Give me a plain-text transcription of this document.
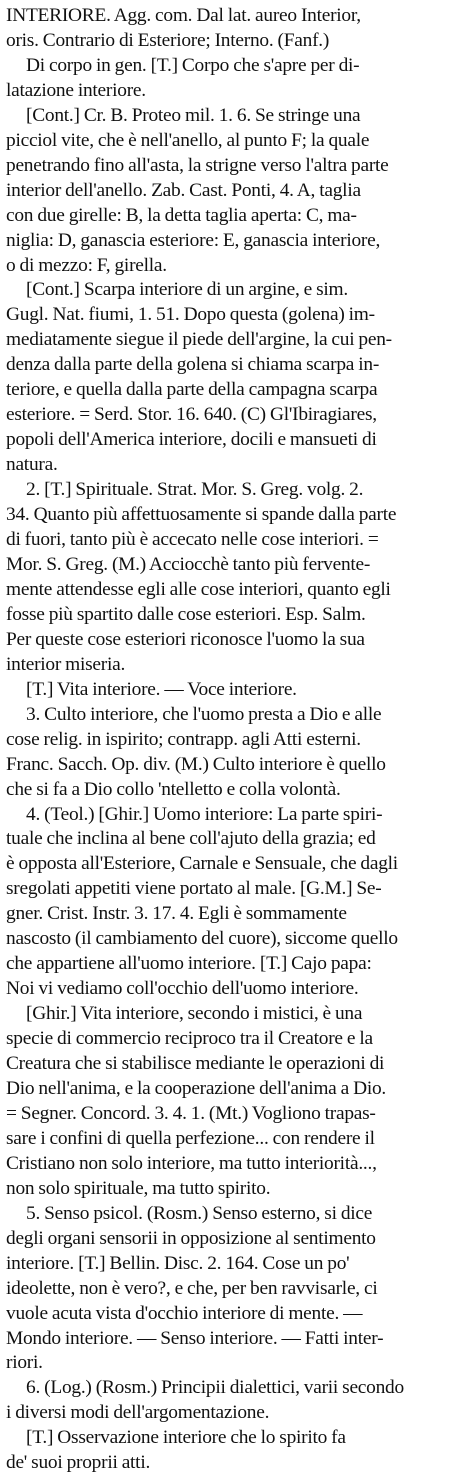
INTERIORE. Agg. com. Dal lat. aureo Interior,
oris. Contrario di Esteriore; Interno. (Fanf.)
Di corpo in gen. [T.] Corpo che s'apre per di-
latazione interiore.
[Cont.] Cr. B. Proteo mil. 1. 6. Se stringe una
picciol vite, che è nell'anello, al punto F; la quale
penetrando fino all'asta, la strigne verso l'altra parte
interior dell'anello. Zab. Cast. Ponti, 4. A, taglia
con due girelle: B, la detta taglia aperta: C, ma-
niglia: D, ganascia esteriore: E, ganascia interiore,
o di mezzo: F, girella.
[Cont.] Scarpa interiore di un argine, e sim.
Gugl. Nat. fiumi, 1. 51. Dopo questa (golena) im-
mediatamente siegue il piede dell'argine, la cui pen-
denza dalla parte della golena si chiama scarpa in-
teriore, e quella dalla parte della campagna scarpa
esteriore. = Serd. Stor. 16. 640. (C) Gl'Ibiragiares,
popoli dell'America interiore, docili e mansueti di
natura.
2. [T.] Spirituale. Strat. Mor. S. Greg. volg. 2.
34. Quanto più affettuosamente si spande dalla parte
di fuori, tanto più è accecato nelle cose interiori. =
Mor. S. Greg. (M.) Acciocchè tanto più fervente-
mente attendesse egli alle cose interiori, quanto egli
fosse più spartito dalle cose esteriori. Esp. Salm.
Per queste cose esteriori riconosce l'uomo la sua
interior miseria.
[T.] Vita interiore. — Voce interiore.
3. Culto interiore, che l'uomo presta a Dio e alle
cose relig. in ispirito; contrapp. agli Atti esterni.
Franc. Sacch. Op. div. (M.) Culto interiore è quello
che si fa a Dio collo 'ntelletto e colla volontà.
4. (Teol.) [Ghir.] Uomo interiore: La parte spiri-
tuale che inclina al bene coll'ajuto della grazia; ed
è opposta all'Esteriore, Carnale e Sensuale, che dagli
sregolati appetiti viene portato al male. [G.M.] Se-
gner. Crist. Instr. 3. 17. 4. Egli è sommamente
nascosto (il cambiamento del cuore), siccome quello
che appartiene all'uomo interiore. [T.] Cajo papa:
Noi vi vediamo coll'occhio dell'uomo interiore.
[Ghir.] Vita interiore, secondo i mistici, è una
specie di commercio reciproco tra il Creatore e la
Creatura che si stabilisce mediante le operazioni di
Dio nell'anima, e la cooperazione dell'anima a Dio.
= Segner. Concord. 3. 4. 1. (Mt.) Vogliono trapas-
sare i confini di quella perfezione... con rendere il
Cristiano non solo interiore, ma tutto interiorità...,
non solo spirituale, ma tutto spirito.
5. Senso psicol. (Rosm.) Senso esterno, si dice
degli organi sensorii in opposizione al sentimento
interiore. [T.] Bellin. Disc. 2. 164. Cose un po'
ideolette, non è vero?, e che, per ben ravvisarle, ci
vuole acuta vista d'occhio interiore di mente. —
Mondo interiore. — Senso interiore. — Fatti inter-
riori.
6. (Log.) (Rosm.) Principii dialettici, varii secondo
i diversi modi dell'argomentazione.
[T.] Osservazione interiore che lo spirito fa
de' suoi proprii atti.
